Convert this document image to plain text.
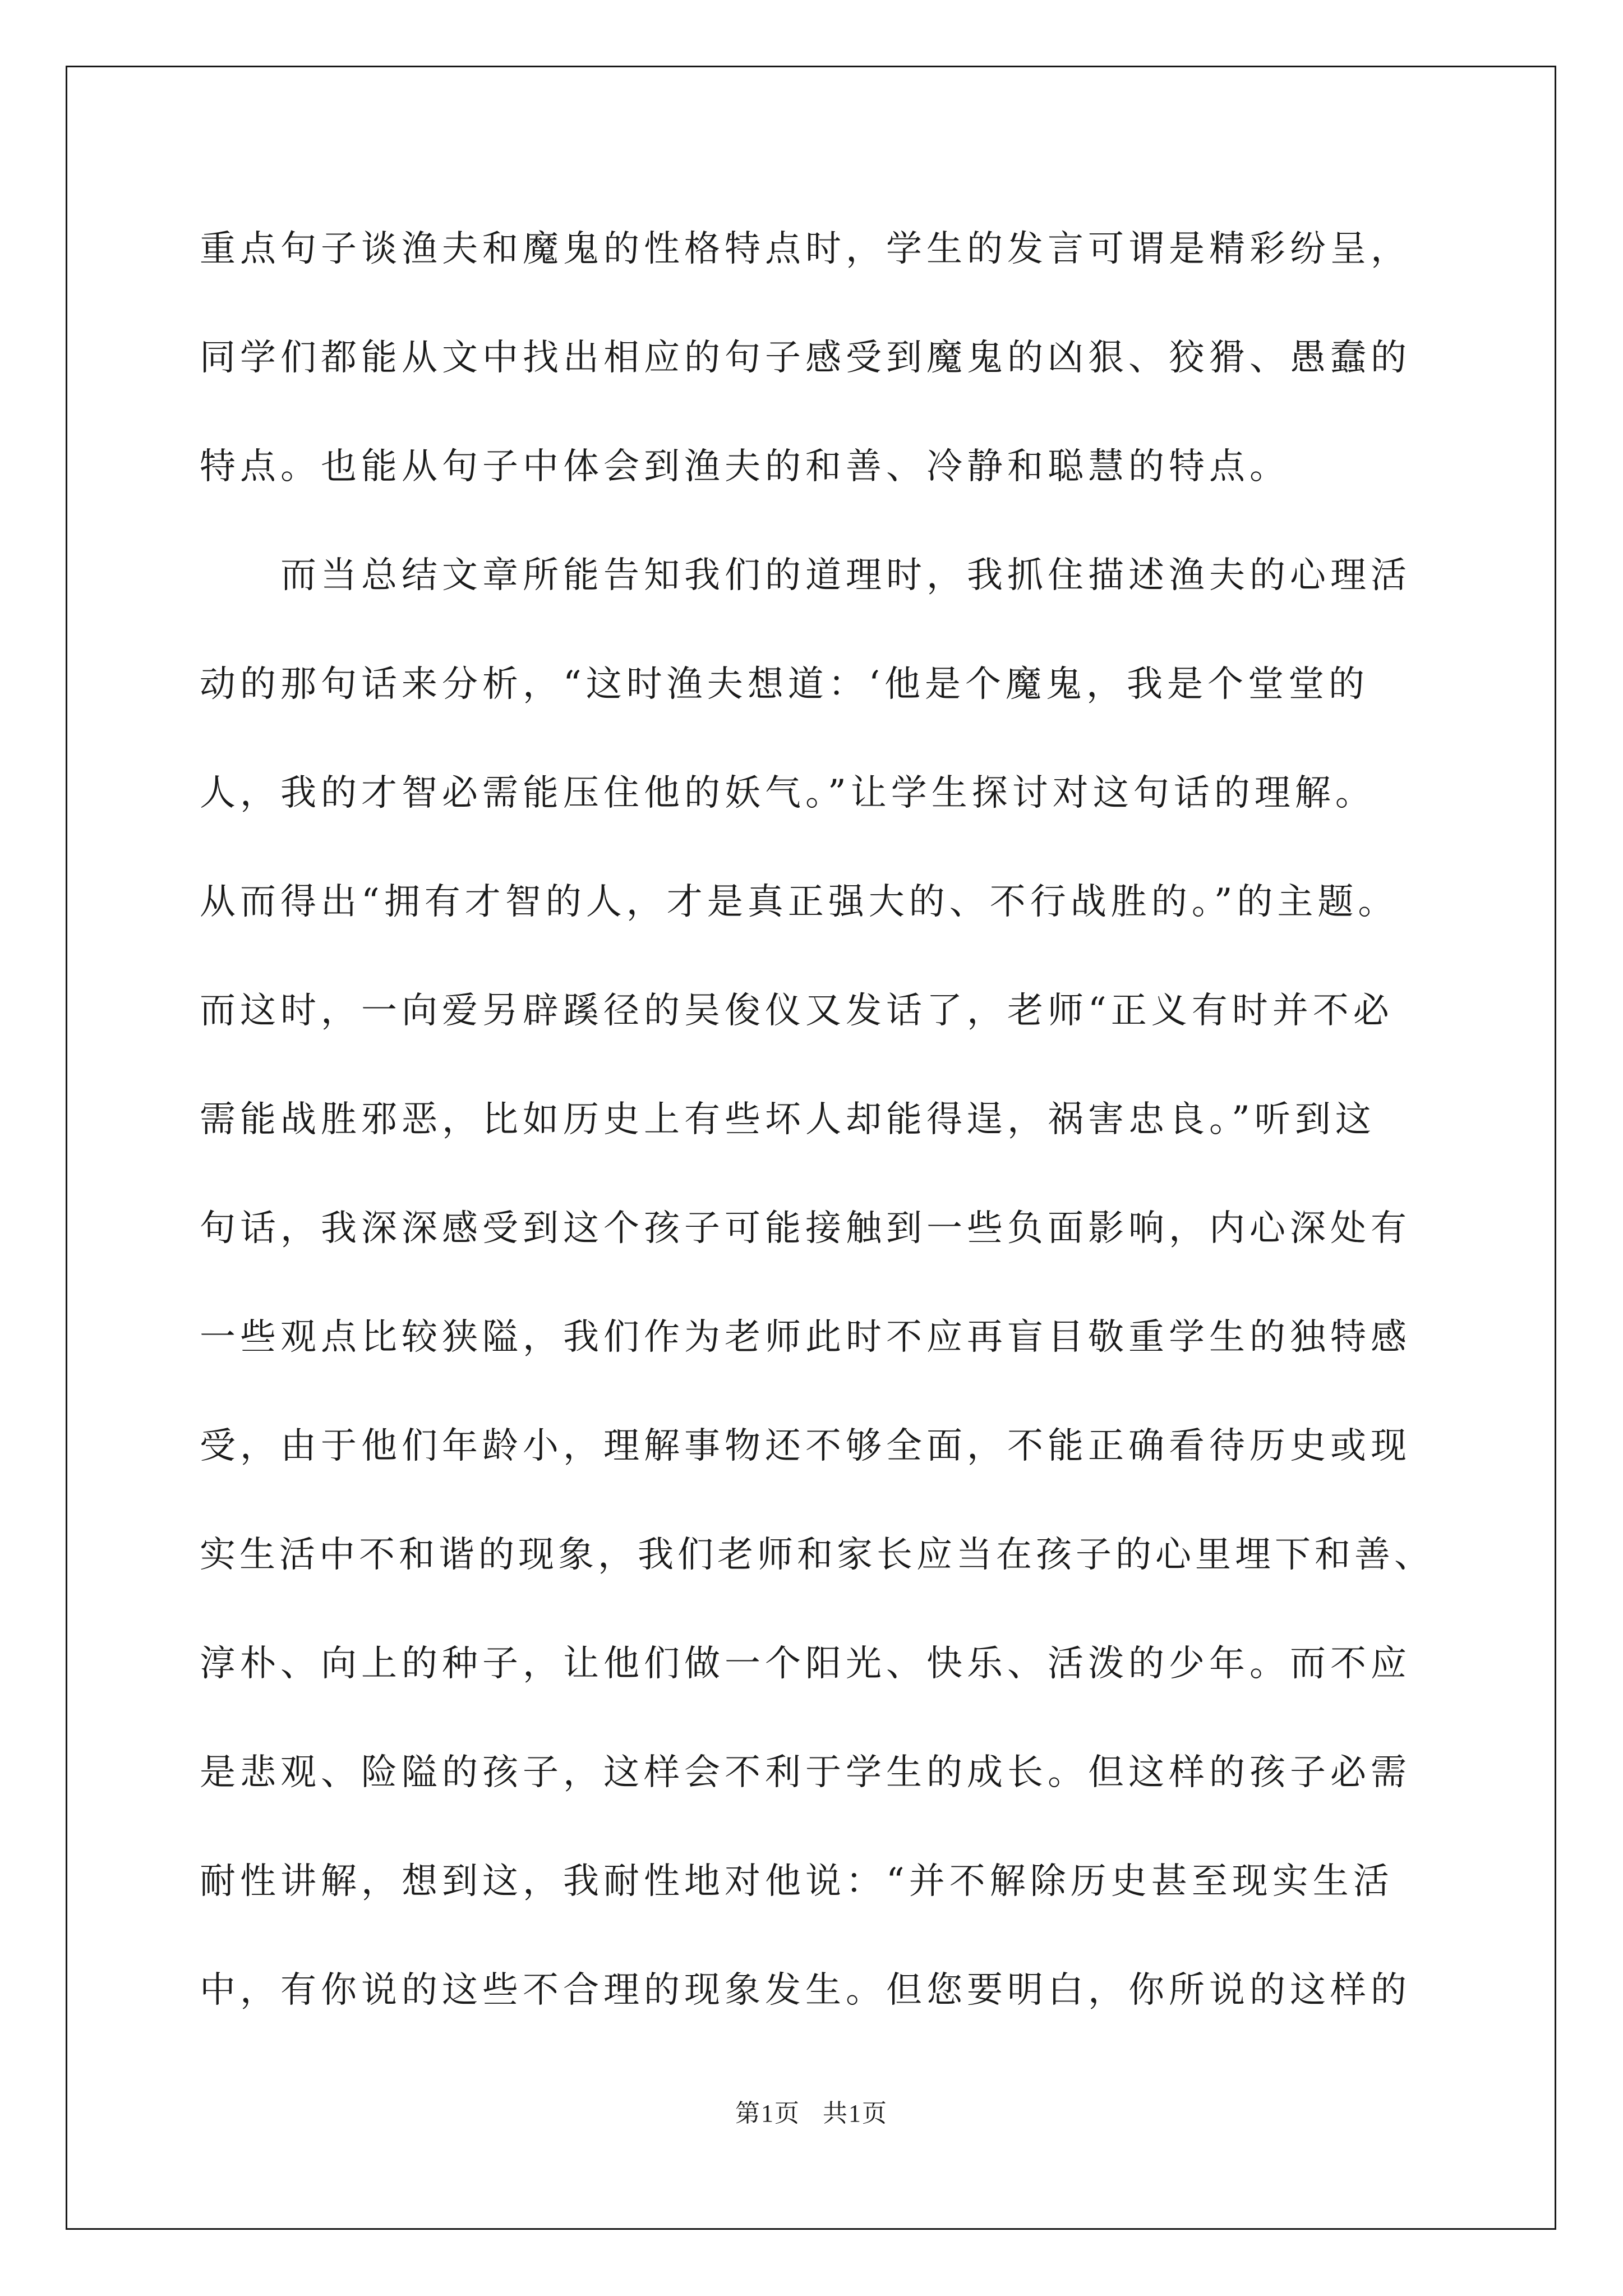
重点句子谈渔夫和魔鬼的性格特点时，学生的发言可谓是精彩纷呈，
同学们都能从文中找出相应的句子感受到魔鬼的凶狠、狡猾、愚蠢的
特点。也能从句子中体会到渔夫的和善、冷静和聪慧的特点。
而当总结文章所能告知我们的道理时，我抓住描述渔夫的心理活
动的那句话来分析，“这时渔夫想道：‘他是个魔鬼，我是个堂堂的
人，我的才智必需能压住他的妖气。”让学生探讨对这句话的理解。
从而得出“拥有才智的人，才是真正强大的、不行战胜的。”的主题。
而这时，一向爱另辟蹊径的吴俊仪又发话了，老师“正义有时并不必
需能战胜邪恶，比如历史上有些坏人却能得逞，祸害忠良。”听到这
句话，我深深感受到这个孩子可能接触到一些负面影响，内心深处有
一些观点比较狭隘，我们作为老师此时不应再盲目敬重学生的独特感
受，由于他们年龄小，理解事物还不够全面，不能正确看待历史或现
实生活中不和谐的现象，我们老师和家长应当在孩子的心里埋下和善、
淳朴、向上的种子，让他们做一个阳光、快乐、活泼的少年。而不应
是悲观、险隘的孩子，这样会不利于学生的成长。但这样的孩子必需
耐性讲解，想到这，我耐性地对他说：“并不解除历史甚至现实生活
中，有你说的这些不合理的现象发生。但您要明白，你所说的这样的
第1页 共1页
